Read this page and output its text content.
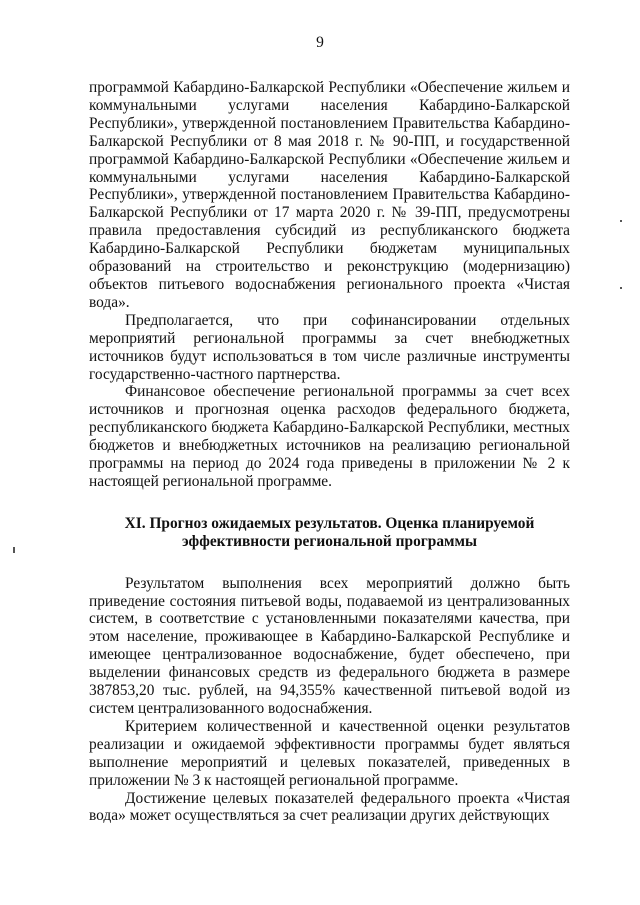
9

программой Кабардино-Балкарской Республики «Обеспечение жильем и коммунальными услугами населения Кабардино-Балкарской Республики», утвержденной постановлением Правительства Кабардино-Балкарской Республики от 8 мая 2018 г. № 90-ПП, и государственной программой Кабардино-Балкарской Республики «Обеспечение жильем и коммунальными услугами населения Кабардино-Балкарской Республики», утвержденной постановлением Правительства Кабардино-Балкарской Республики от 17 марта 2020 г. № 39-ПП, предусмотрены правила предоставления субсидий из республиканского бюджета Кабардино-Балкарской Республики бюджетам муниципальных образований на строительство и реконструкцию (модернизацию) объектов питьевого водоснабжения регионального проекта «Чистая вода».

Предполагается, что при софинансировании отдельных мероприятий региональной программы за счет внебюджетных источников будут использоваться в том числе различные инструменты государственно-частного партнерства.

Финансовое обеспечение региональной программы за счет всех источников и прогнозная оценка расходов федерального бюджета, республиканского бюджета Кабардино-Балкарской Республики, местных бюджетов и внебюджетных источников на реализацию региональной программы на период до 2024 года приведены в приложении № 2 к настоящей региональной программе.

XI. Прогноз ожидаемых результатов. Оценка планируемой
эффективности региональной программы

Результатом выполнения всех мероприятий должно быть приведение состояния питьевой воды, подаваемой из централизованных систем, в соответствие с установленными показателями качества, при этом население, проживающее в Кабардино-Балкарской Республике и имеющее централизованное водоснабжение, будет обеспечено, при выделении финансовых средств из федерального бюджета в размере 387853,20 тыс. рублей, на 94,355% качественной питьевой водой из систем централизованного водоснабжения.

Критерием количественной и качественной оценки результатов реализации и ожидаемой эффективности программы будет являться выполнение мероприятий и целевых показателей, приведенных в приложении № 3 к настоящей региональной программе.

Достижение целевых показателей федерального проекта «Чистая вода» может осуществляться за счет реализации других действующих
